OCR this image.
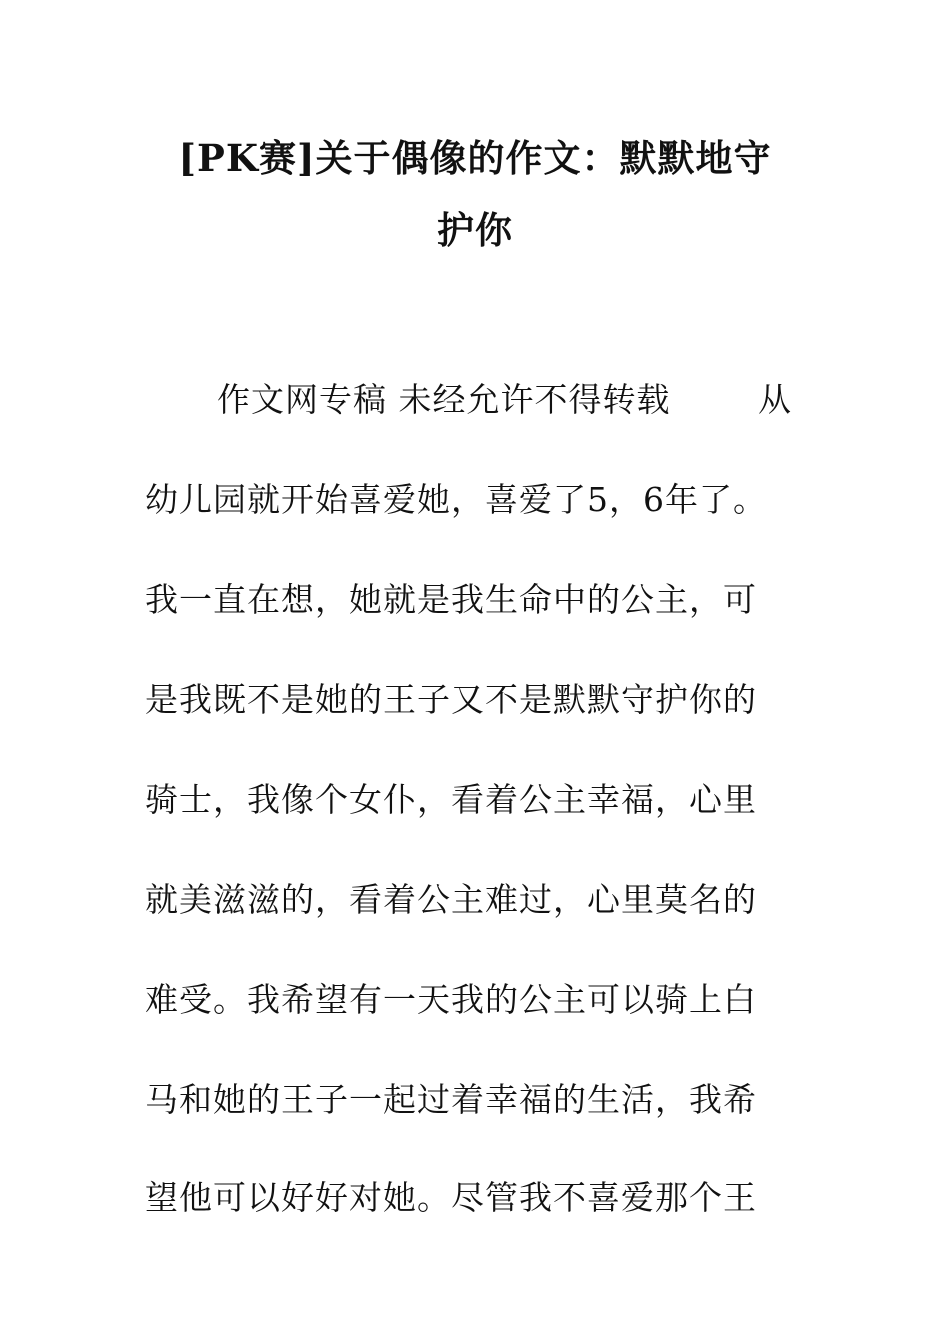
[PK赛]关于偶像的作文：默默地守
护你
作文网专稿 未经允许不得转载	从
幼儿园就开始喜爱她，喜爱了5，6年了。
我一直在想，她就是我生命中的公主，可
是我既不是她的王子又不是默默守护你的
骑士，我像个女仆，看着公主幸福，心里
就美滋滋的，看着公主难过，心里莫名的
难受。我希望有一天我的公主可以骑上白
马和她的王子一起过着幸福的生活，我希
望他可以好好对她。尽管我不喜爱那个王
